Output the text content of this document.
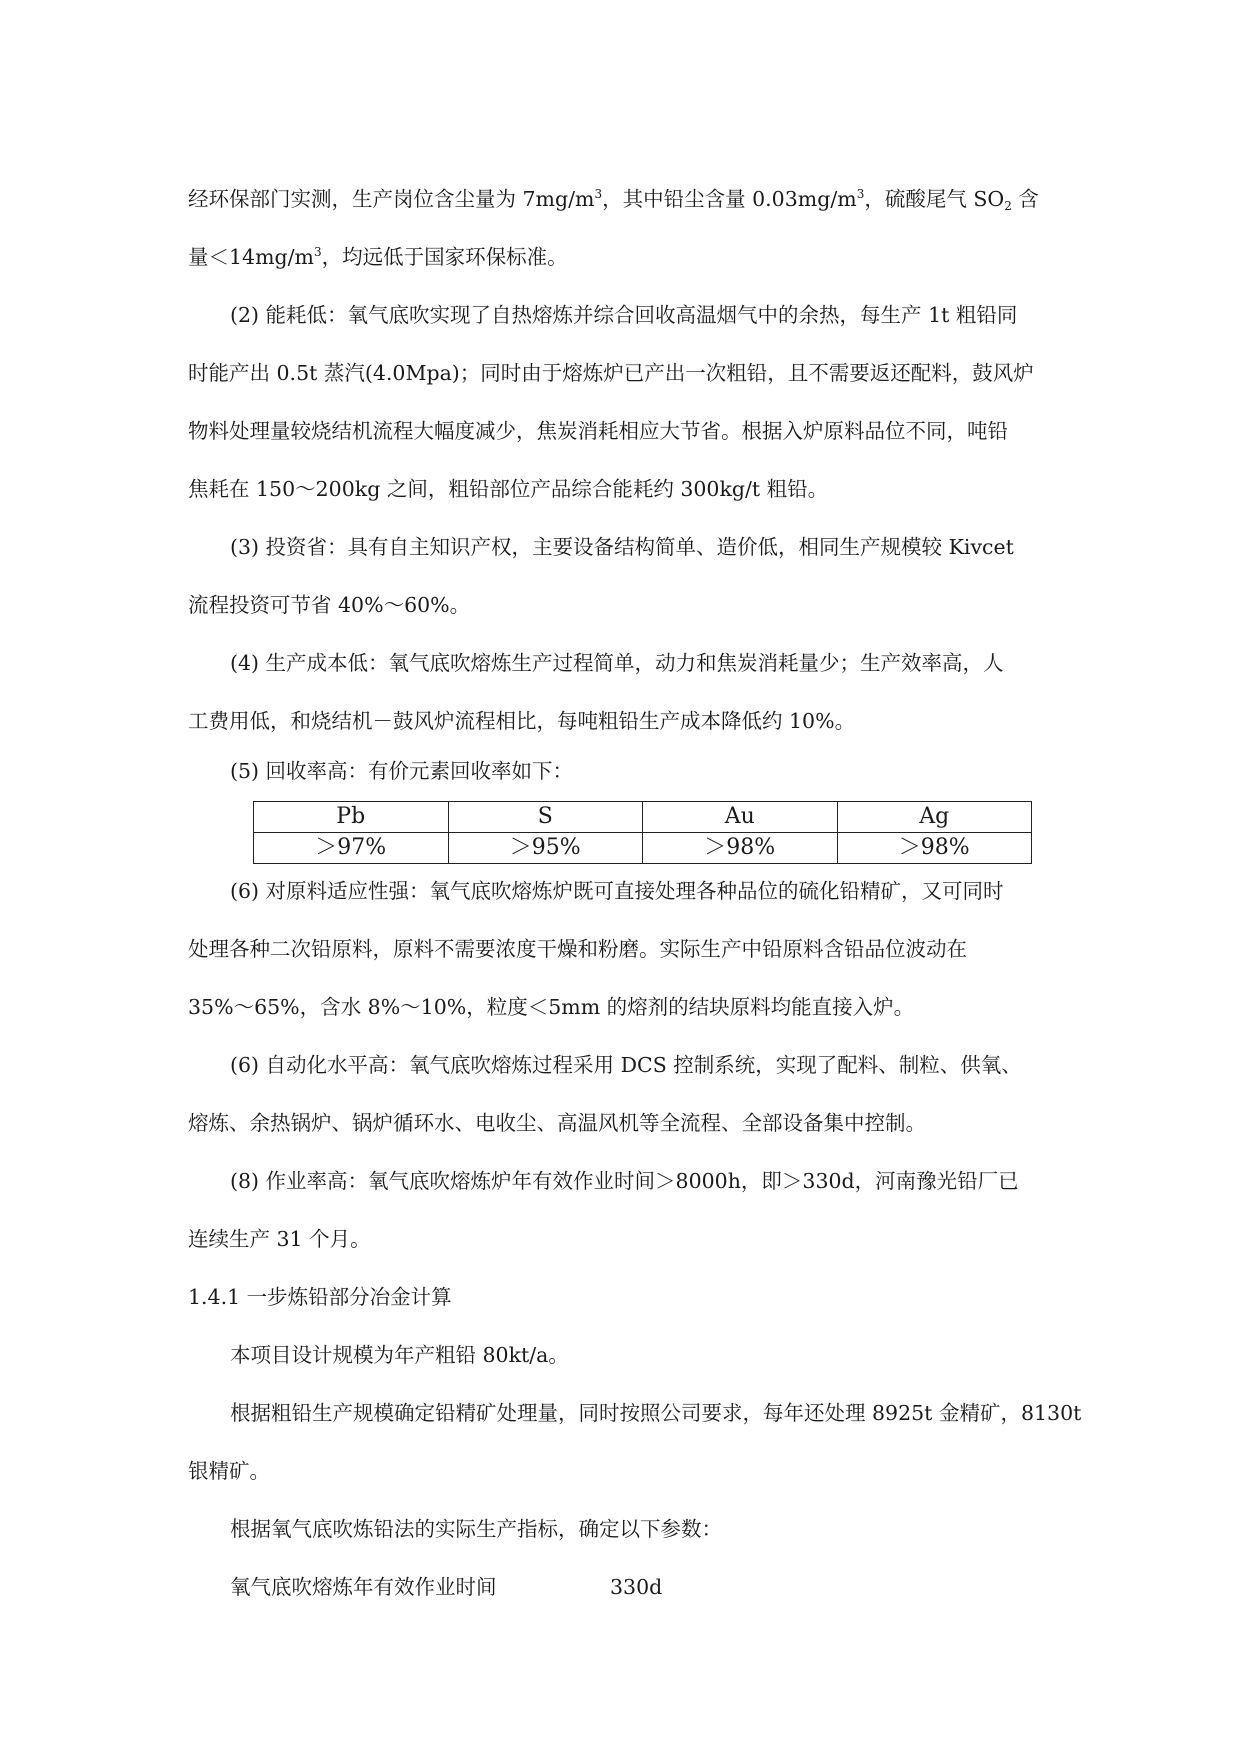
经环保部门实测，生产岗位含尘量为 $7mg/m^3$，其中铅尘含量 $0.03mg/m^3$，硫酸尾气 $SO_2$ 含
量$<14mg/m^3$，均远低于国家环保标准。
(2) 能耗低：氧气底吹实现了自热熔炼并综合回收高温烟气中的余热，每生产 1t 粗铅同
时能产出 0.5t 蒸汽(4.0Mpa)；同时由于熔炼炉已产出一次粗铅，且不需要返还配料，鼓风炉
物料处理量较烧结机流程大幅度减少，焦炭消耗相应大节省。根据入炉原料品位不同，吨铅
焦耗在 150～200kg 之间，粗铅部位产品综合能耗约 300kg/t 粗铅。
(3) 投资省：具有自主知识产权，主要设备结构简单、造价低，相同生产规模较 Kivcet
流程投资可节省 40%～60%。
(4) 生产成本低：氧气底吹熔炼生产过程简单，动力和焦炭消耗量少；生产效率高，人
工费用低，和烧结机－鼓风炉流程相比，每吨粗铅生产成本降低约 10%。
(5) 回收率高：有价元素回收率如下：
Pb	S	Au	Ag
＞97%	＞95%	＞98%	＞98%
(6) 对原料适应性强：氧气底吹熔炼炉既可直接处理各种品位的硫化铅精矿，又可同时
处理各种二次铅原料，原料不需要浓度干燥和粉磨。实际生产中铅原料含铅品位波动在
35%～65%，含水 8%～10%，粒度＜5mm 的熔剂的结块原料均能直接入炉。
(6) 自动化水平高：氧气底吹熔炼过程采用 DCS 控制系统，实现了配料、制粒、供氧、
熔炼、余热锅炉、锅炉循环水、电收尘、高温风机等全流程、全部设备集中控制。
(8) 作业率高：氧气底吹熔炼炉年有效作业时间＞8000h，即＞330d，河南豫光铅厂已
连续生产 31 个月。
1.4.1 一步炼铅部分冶金计算
本项目设计规模为年产粗铅 80kt/a。
根据粗铅生产规模确定铅精矿处理量，同时按照公司要求，每年还处理 8925t 金精矿，8130t
银精矿。
根据氧气底吹炼铅法的实际生产指标，确定以下参数：
氧气底吹熔炼年有效作业时间	330d
